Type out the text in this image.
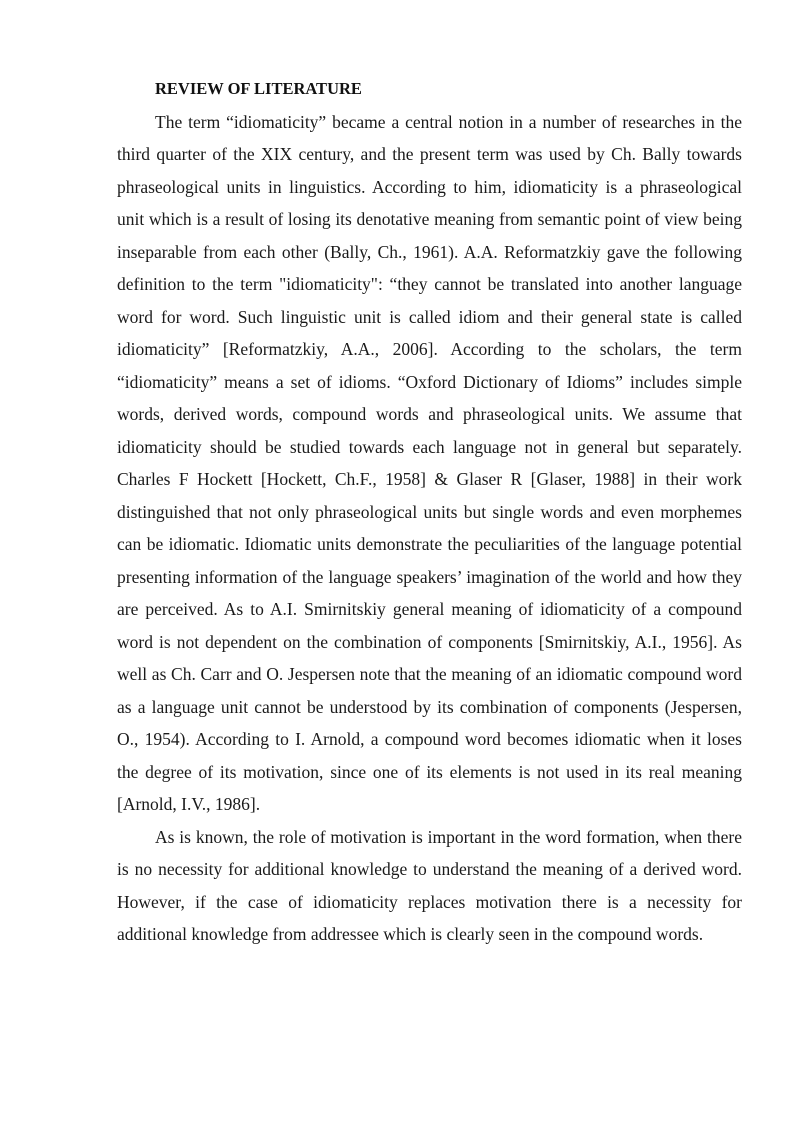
REVIEW OF LITERATURE

The term “idiomaticity” became a central notion in a number of researches in the third quarter of the XIX century, and the present term was used by Ch. Bally towards phraseological units in linguistics. According to him, idiomaticity is a phraseological unit which is a result of losing its denotative meaning from semantic point of view being inseparable from each other (Bally, Ch., 1961). A.A. Reformatzkiy gave the following definition to the term "idiomaticity": “they cannot be translated into another language word for word. Such linguistic unit is called idiom and their general state is called idiomaticity” [Reformatzkiy, A.A., 2006]. According to the scholars, the term “idiomaticity” means a set of idioms. “Oxford Dictionary of Idioms” includes simple words, derived words, compound words and phraseological units. We assume that idiomaticity should be studied towards each language not in general but separately. Charles F Hockett [Hockett, Ch.F., 1958] & Glaser R [Glaser, 1988] in their work distinguished that not only phraseological units but single words and even morphemes can be idiomatic. Idiomatic units demonstrate the peculiarities of the language potential presenting information of the language speakers’ imagination of the world and how they are perceived. As to A.I. Smirnitskiy general meaning of idiomaticity of a compound word is not dependent on the combination of components [Smirnitskiy, A.I., 1956]. As well as Ch. Carr and O. Jespersen note that the meaning of an idiomatic compound word as a language unit cannot be understood by its combination of components (Jespersen, O., 1954). According to I. Arnold, a compound word becomes idiomatic when it loses the degree of its motivation, since one of its elements is not used in its real meaning [Arnold, I.V., 1986].

As is known, the role of motivation is important in the word formation, when there is no necessity for additional knowledge to understand the meaning of a derived word. However, if the case of idiomaticity replaces motivation there is a necessity for additional knowledge from addressee which is clearly seen in the compound words.
